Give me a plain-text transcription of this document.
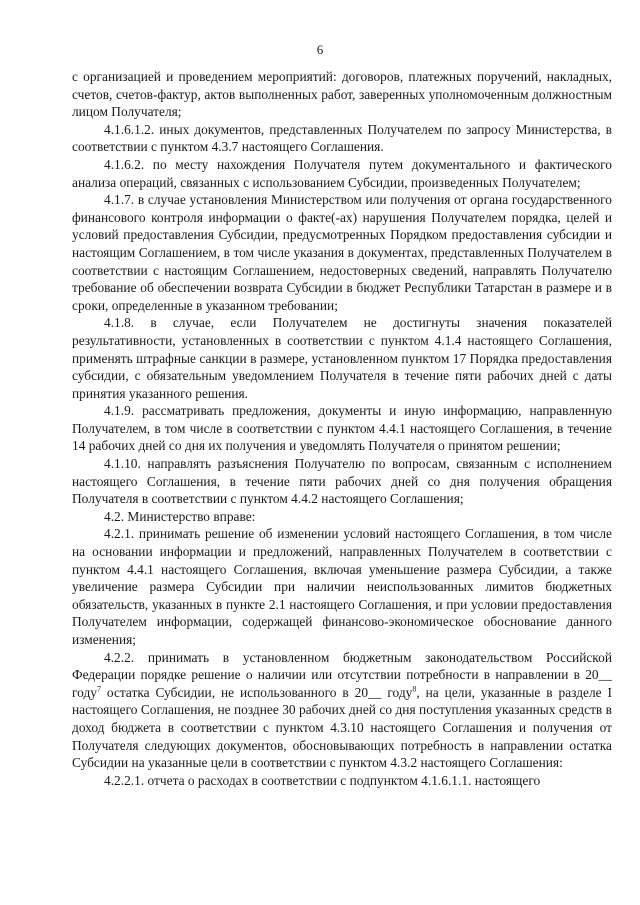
6

с организацией и проведением мероприятий: договоров, платежных поручений, накладных, счетов, счетов-фактур, актов выполненных работ, заверенных уполномоченным должностным лицом Получателя;

4.1.6.1.2. иных документов, представленных Получателем по запросу Министерства, в соответствии с пунктом 4.3.7 настоящего Соглашения.

4.1.6.2. по месту нахождения Получателя путем документального и фактического анализа операций, связанных с использованием Субсидии, произведенных Получателем;

4.1.7. в случае установления Министерством или получения от органа государственного финансового контроля информации о факте(-ах) нарушения Получателем порядка, целей и условий предоставления Субсидии, предусмотренных Порядком предоставления субсидии и настоящим Соглашением, в том числе указания в документах, представленных Получателем в соответствии с настоящим Соглашением, недостоверных сведений, направлять Получателю требование об обеспечении возврата Субсидии в бюджет Республики Татарстан в размере и в сроки, определенные в указанном требовании;

4.1.8. в случае, если Получателем не достигнуты значения показателей результативности, установленных в соответствии с пунктом 4.1.4 настоящего Соглашения, применять штрафные санкции в размере, установленном пунктом 17 Порядка предоставления субсидии, с обязательным уведомлением Получателя в течение пяти рабочих дней с даты принятия указанного решения.

4.1.9. рассматривать предложения, документы и иную информацию, направленную Получателем, в том числе в соответствии с пунктом 4.4.1 настоящего Соглашения, в течение 14 рабочих дней со дня их получения и уведомлять Получателя о принятом решении;

4.1.10. направлять разъяснения Получателю по вопросам, связанным с исполнением настоящего Соглашения, в течение пяти рабочих дней со дня получения обращения Получателя в соответствии с пунктом 4.4.2 настоящего Соглашения;

4.2. Министерство вправе:

4.2.1. принимать решение об изменении условий настоящего Соглашения, в том числе на основании информации и предложений, направленных Получателем в соответствии с пунктом 4.4.1 настоящего Соглашения, включая уменьшение размера Субсидии, а также увеличение размера Субсидии при наличии неиспользованных лимитов бюджетных обязательств, указанных в пункте 2.1 настоящего Соглашения, и при условии предоставления Получателем информации, содержащей финансово-экономическое обоснование данного изменения;

4.2.2. принимать в установленном бюджетным законодательством Российской Федерации порядке решение о наличии или отсутствии потребности в направлении в 20__ году$^7$ остатка Субсидии, не использованного в 20__ году$^8$, на цели, указанные в разделе I настоящего Соглашения, не позднее 30 рабочих дней со дня поступления указанных средств в доход бюджета в соответствии с пунктом 4.3.10 настоящего Соглашения и получения от Получателя следующих документов, обосновывающих потребность в направлении остатка Субсидии на указанные цели в соответствии с пунктом 4.3.2 настоящего Соглашения:

4.2.2.1. отчета о расходах в соответствии с подпунктом 4.1.6.1.1. настоящего
